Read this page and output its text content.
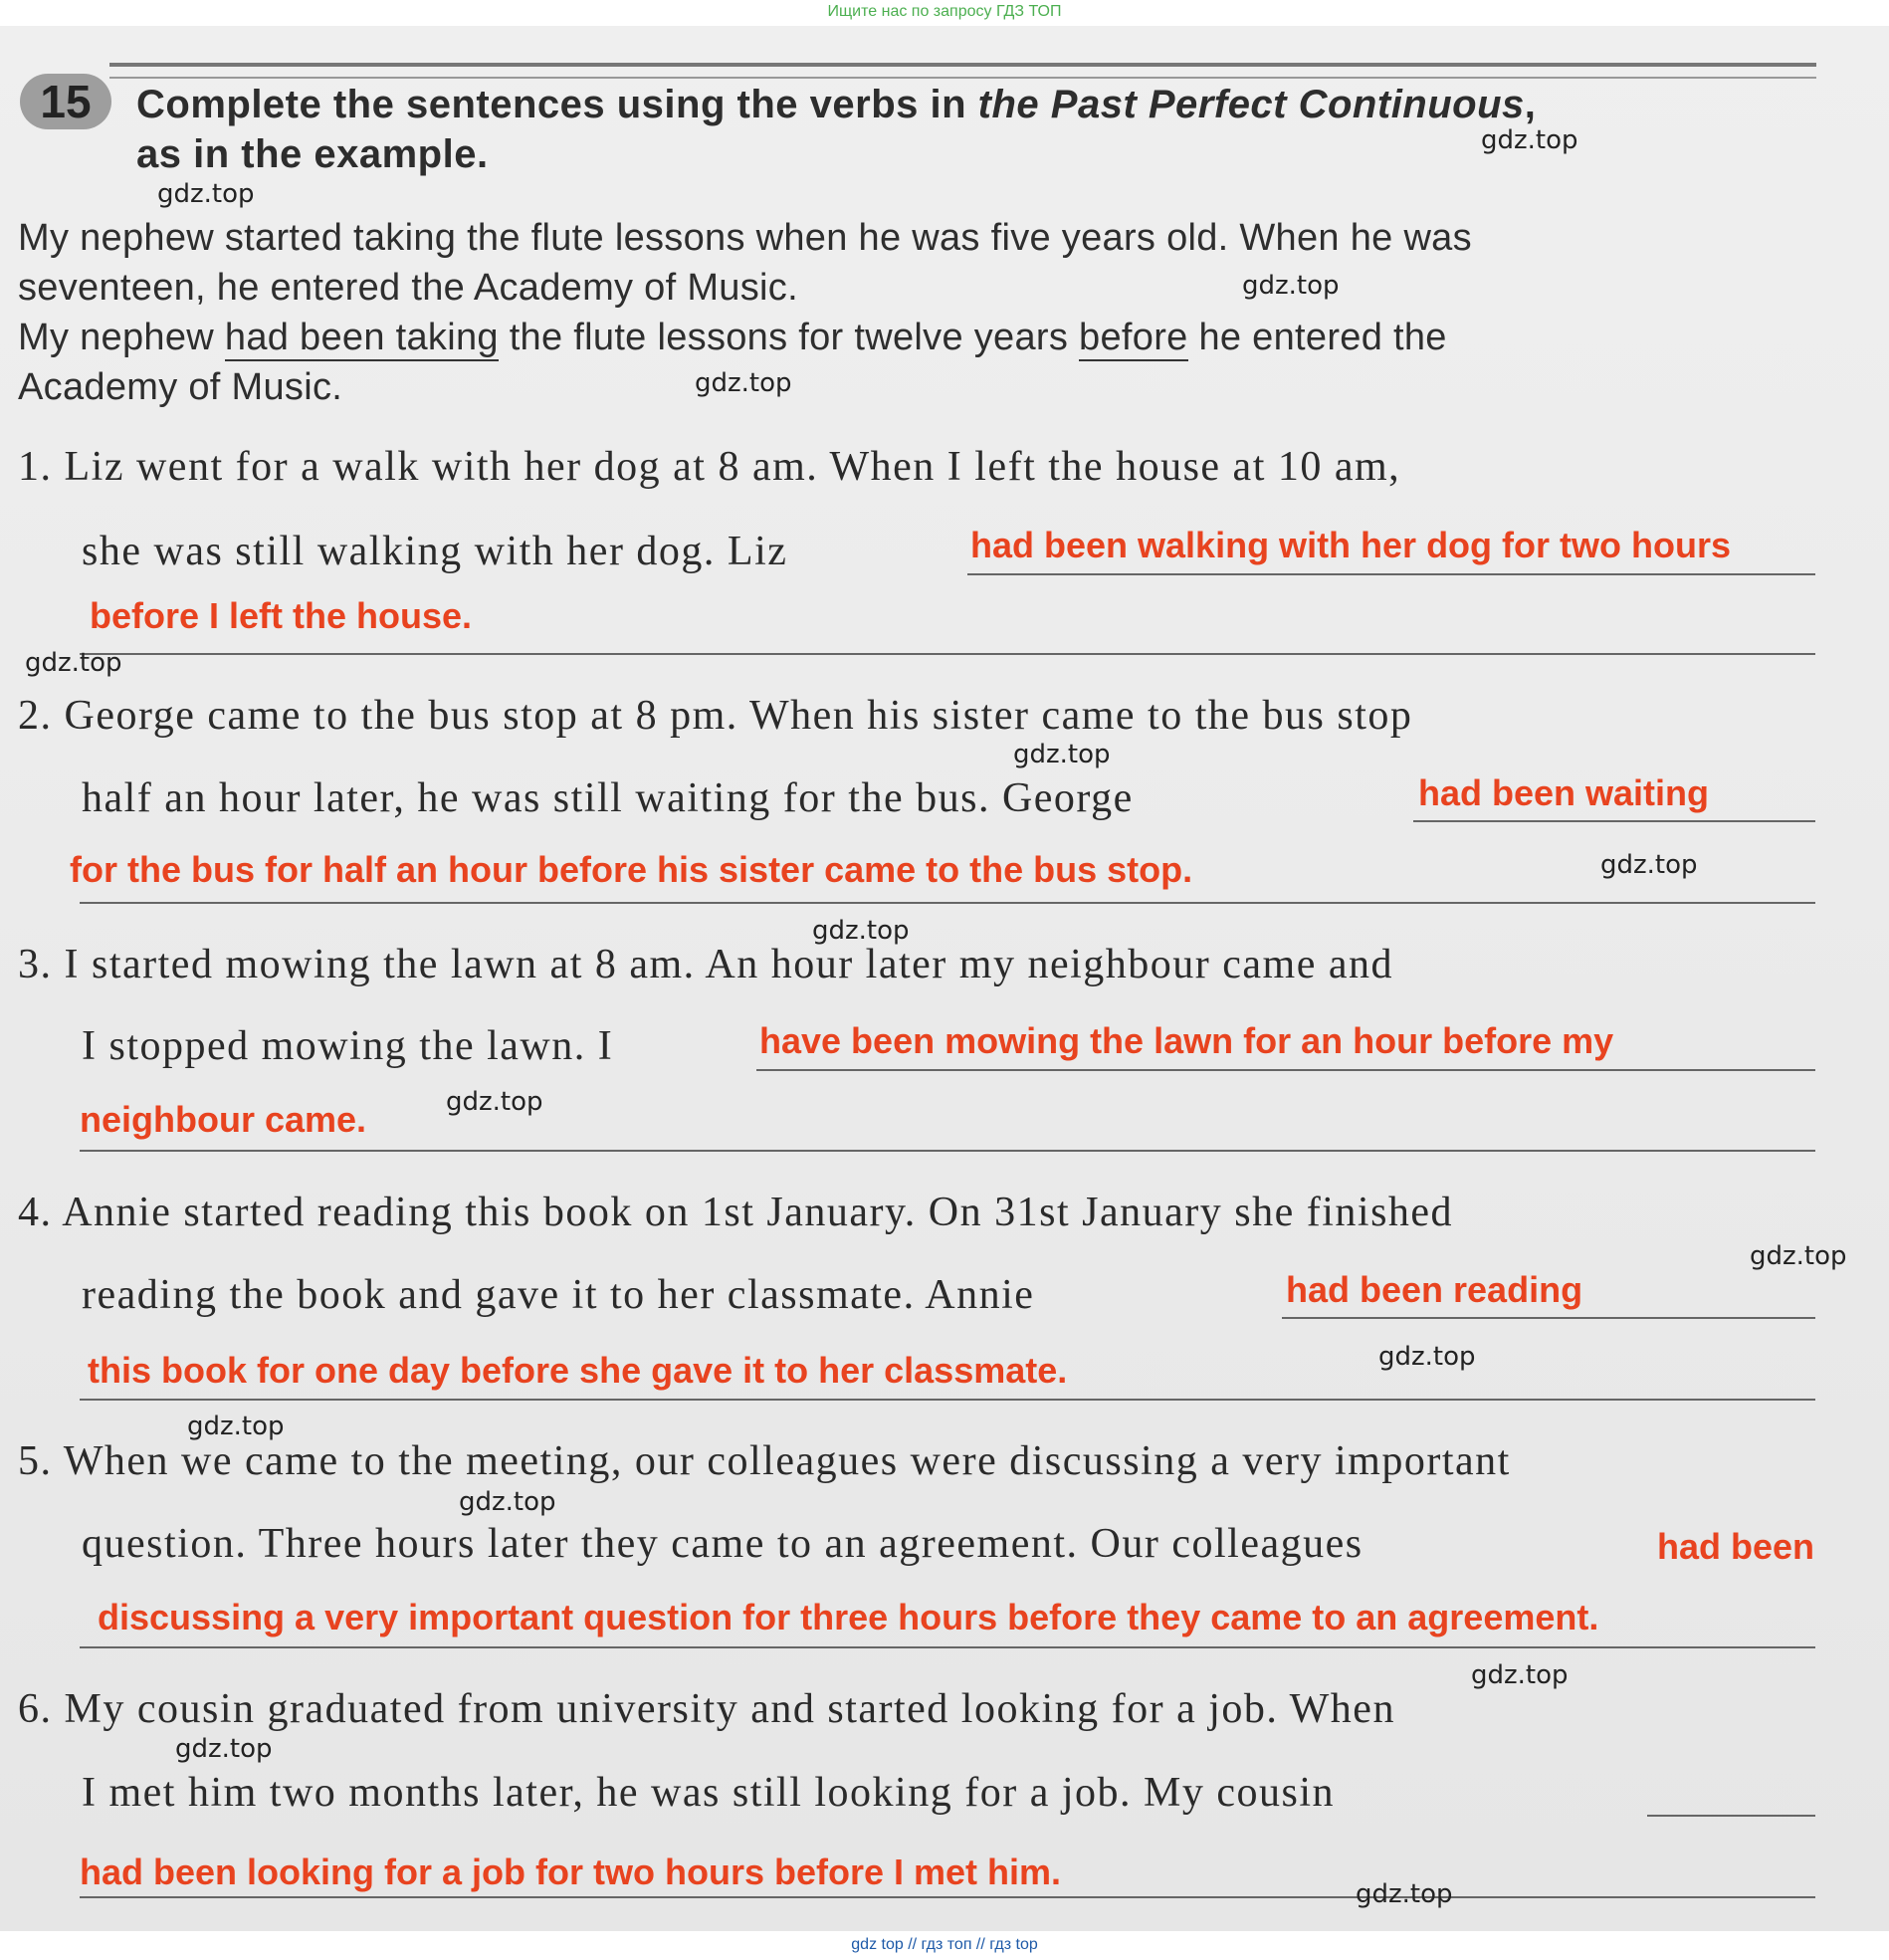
Ищите нас по запросу ГДЗ ТОП
15	Complete the sentences using the verbs in the Past Perfect Continuous,
as in the example.
My nephew started taking the flute lessons when he was five years old. When he was
seventeen, he entered the Academy of Music.
My nephew had been taking the flute lessons for twelve years before he entered the
Academy of Music.
1. Liz went for a walk with her dog at 8 am. When I left the house at 10 am,
she was still walking with her dog. Liz	had been walking with her dog for two hours
before I left the house.
2. George came to the bus stop at 8 pm. When his sister came to the bus stop
half an hour later, he was still waiting for the bus. George	had been waiting
for the bus for half an hour before his sister came to the bus stop.
3. I started mowing the lawn at 8 am. An hour later my neighbour came and
I stopped mowing the lawn. I	have been mowing the lawn for an hour before my
neighbour came.
4. Annie started reading this book on 1st January. On 31st January she finished
reading the book and gave it to her classmate. Annie	had been reading
this book for one day before she gave it to her classmate.
5. When we came to the meeting, our colleagues were discussing a very important
question. Three hours later they came to an agreement. Our colleagues	had been
discussing a very important question for three hours before they came to an agreement.
6. My cousin graduated from university and started looking for a job. When
I met him two months later, he was still looking for a job. My cousin
had been looking for a job for two hours before I met him.
gdz.top
gdz.top
gdz.top
gdz.top
gdz.top
gdz.top
gdz.top
gdz.top
gdz.top
gdz.top
gdz.top
gdz.top
gdz.top
gdz.top
gdz.top
gdz.top
gdz top // гдз топ // гдз top
